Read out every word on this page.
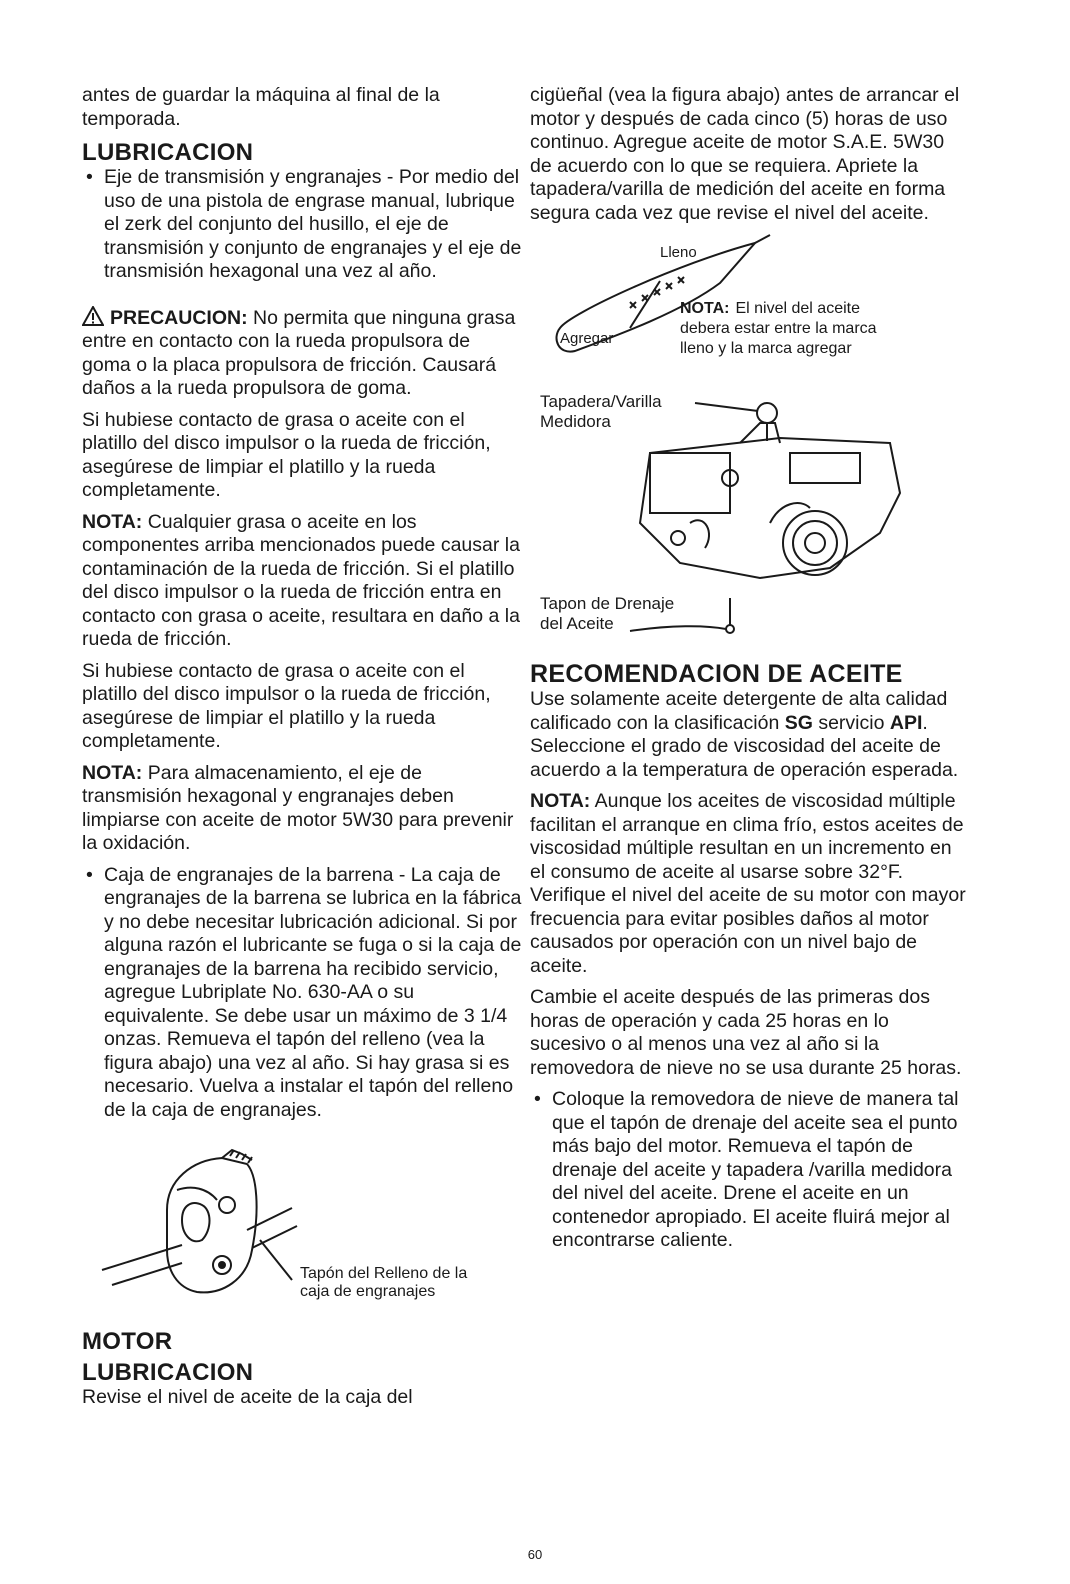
antes de guardar la máquina al final de la temporada.

LUBRICACION

• Eje de transmisión y engranajes - Por medio del uso de una pistola de engrase manual, lubrique el zerk del conjunto del husillo, el eje de transmisión y conjunto de engranajes y el eje de transmisión hexagonal una vez al año.

PRECAUCION: No permita que ninguna grasa entre en contacto con la rueda propulsora de goma o la placa propulsora de fricción. Causará daños a la rueda propulsora de goma.

Si hubiese contacto de grasa o aceite con el platillo del disco impulsor o la rueda de fricción, asegúrese de limpiar el platillo y la rueda completamente.

NOTA: Cualquier grasa o aceite en los componentes arriba mencionados puede causar la contaminación de la rueda de fricción. Si el platillo del disco impulsor o la rueda de fricción entra en contacto con grasa o aceite, resultara en daño a la rueda de fricción.

Si hubiese contacto de grasa o aceite con el platillo del disco impulsor o la rueda de fricción, asegúrese de limpiar el platillo y la rueda completamente.

NOTA: Para almacenamiento, el eje de transmisión hexagonal y engranajes deben limpiarse con aceite de motor 5W30 para prevenir la oxidación.

• Caja de engranajes de la barrena - La caja de engranajes de la barrena se lubrica en la fábrica y no debe necesitar lubricación adicional. Si por alguna razón el lubricante se fuga o si la caja de engranajes de la barrena ha recibido servicio, agregue Lubriplate No. 630-AA o su equivalente. Se debe usar un máximo de 3 1/4 onzas. Remueva el tapón del relleno (vea la figura abajo) una vez al año. Si hay grasa si es necesario. Vuelva a instalar el tapón del relleno de la caja de engranajes.

Tapón del Relleno de la
caja de engranajes
MOTOR
LUBRICACION

Revise el nivel de aceite de la caja del

cigüeñal (vea la figura abajo) antes de arrancar el motor y después de cada cinco (5) horas de uso continuo. Agregue aceite de motor S.A.E. 5W30 de acuerdo con lo que se requiera. Apriete la tapadera/varilla de medición del aceite en forma segura cada vez que revise el nivel del aceite.

Lleno
Agregar
NOTA: El nivel del aceite
debera estar entre la marca
lleno y la marca agregar
Tapadera/Varilla
Medidora
Tapon de Drenaje
del Aceite
RECOMENDACION DE ACEITE

Use solamente aceite detergente de alta calidad calificado con la clasificación SG servicio API. Seleccione el grado de viscosidad del aceite de acuerdo a la temperatura de operación esperada.

NOTA: Aunque los aceites de viscosidad múltiple facilitan el arranque en clima frío, estos aceites de viscosidad múltiple resultan en un incremento en el consumo de aceite al usarse sobre 32°F. Verifique el nivel del aceite de su motor con mayor frecuencia para evitar posibles daños al motor causados por operación con un nivel bajo de aceite.

Cambie el aceite después de las primeras dos horas de operación y cada 25 horas en lo sucesivo o al menos una vez al año si la removedora de nieve no se usa durante 25 horas.

• Coloque la removedora de nieve de manera tal que el tapón de drenaje del aceite sea el punto más bajo del motor. Remueva el tapón de drenaje del aceite y tapadera /varilla medidora del nivel del aceite. Drene el aceite en un contenedor apropiado. El aceite fluirá mejor al encontrarse caliente.

60
